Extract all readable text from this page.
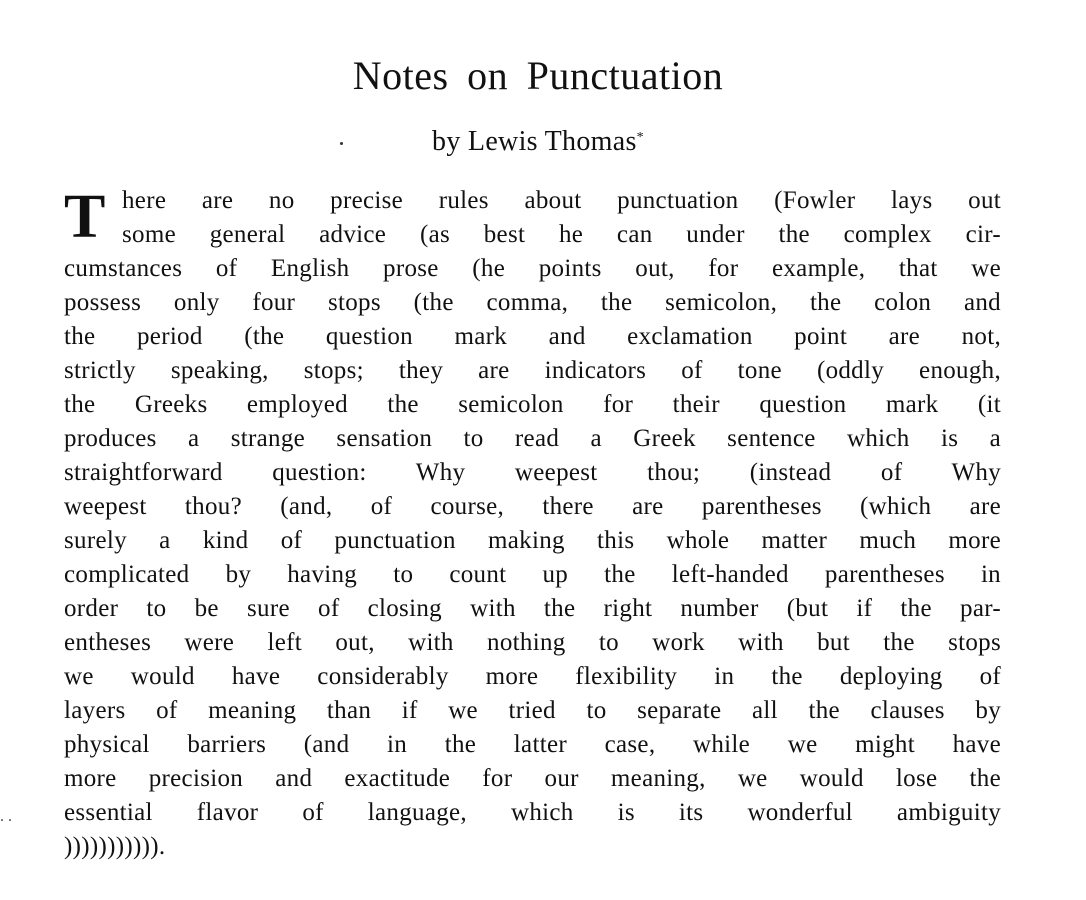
Notes on Punctuation
by Lewis Thomas*
T here are no precise rules about punctuation (Fowler lays out
some general advice (as best he can under the complex cir-
cumstances of English prose (he points out, for example, that we
possess only four stops (the comma, the semicolon, the colon and
the period (the question mark and exclamation point are not,
strictly speaking, stops; they are indicators of tone (oddly enough,
the Greeks employed the semicolon for their question mark (it
produces a strange sensation to read a Greek sentence which is a
straightforward question: Why weepest thou; (instead of Why
weepest thou? (and, of course, there are parentheses (which are
surely a kind of punctuation making this whole matter much more
complicated by having to count up the left-handed parentheses in
order to be sure of closing with the right number (but if the par-
entheses were left out, with nothing to work with but the stops
we would have considerably more flexibility in the deploying of
layers of meaning than if we tried to separate all the clauses by
physical barriers (and in the latter case, while we might have
more precision and exactitude for our meaning, we would lose the
essential flavor of language, which is its wonderful ambiguity
))))))))))).
. .
